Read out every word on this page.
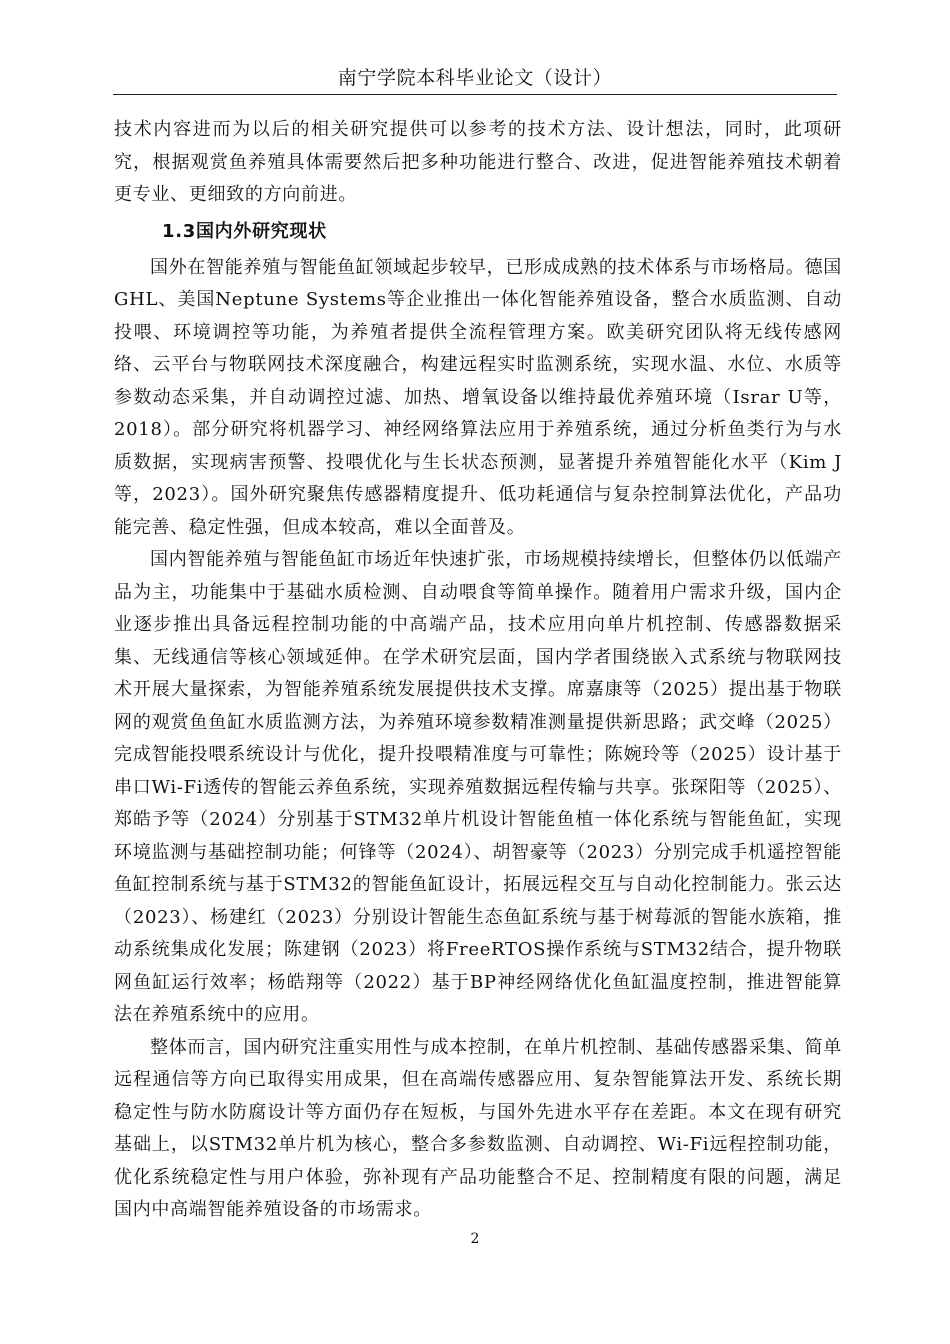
南宁学院本科毕业论文（设计）

技术内容进而为以后的相关研究提供可以参考的技术方法、设计想法，同时，此项研究，根据观赏鱼养殖具体需要然后把多种功能进行整合、改进，促进智能养殖技术朝着更专业、更细致的方向前进。

1.3国内外研究现状

国外在智能养殖与智能鱼缸领域起步较早，已形成成熟的技术体系与市场格局。德国GHL、美国Neptune Systems等企业推出一体化智能养殖设备，整合水质监测、自动投喂、环境调控等功能，为养殖者提供全流程管理方案。欧美研究团队将无线传感网络、云平台与物联网技术深度融合，构建远程实时监测系统，实现水温、水位、水质等参数动态采集，并自动调控过滤、加热、增氧设备以维持最优养殖环境（Israr U等，2018）。部分研究将机器学习、神经网络算法应用于养殖系统，通过分析鱼类行为与水质数据，实现病害预警、投喂优化与生长状态预测，显著提升养殖智能化水平（Kim J等，2023）。国外研究聚焦传感器精度提升、低功耗通信与复杂控制算法优化，产品功能完善、稳定性强，但成本较高，难以全面普及。

国内智能养殖与智能鱼缸市场近年快速扩张，市场规模持续增长，但整体仍以低端产品为主，功能集中于基础水质检测、自动喂食等简单操作。随着用户需求升级，国内企业逐步推出具备远程控制功能的中高端产品，技术应用向单片机控制、传感器数据采集、无线通信等核心领域延伸。在学术研究层面，国内学者围绕嵌入式系统与物联网技术开展大量探索，为智能养殖系统发展提供技术支撑。席嘉康等（2025）提出基于物联网的观赏鱼鱼缸水质监测方法，为养殖环境参数精准测量提供新思路；武交峰（2025）完成智能投喂系统设计与优化，提升投喂精准度与可靠性；陈婉玲等（2025）设计基于串口Wi-Fi透传的智能云养鱼系统，实现养殖数据远程传输与共享。张琛阳等（2025）、郑皓予等（2024）分别基于STM32单片机设计智能鱼植一体化系统与智能鱼缸，实现环境监测与基础控制功能；何锋等（2024）、胡智豪等（2023）分别完成手机遥控智能鱼缸控制系统与基于STM32的智能鱼缸设计，拓展远程交互与自动化控制能力。张云达（2023）、杨建红（2023）分别设计智能生态鱼缸系统与基于树莓派的智能水族箱，推动系统集成化发展；陈建钢（2023）将FreeRTOS操作系统与STM32结合，提升物联网鱼缸运行效率；杨皓翔等（2022）基于BP神经网络优化鱼缸温度控制，推进智能算法在养殖系统中的应用。

整体而言，国内研究注重实用性与成本控制，在单片机控制、基础传感器采集、简单远程通信等方向已取得实用成果，但在高端传感器应用、复杂智能算法开发、系统长期稳定性与防水防腐设计等方面仍存在短板，与国外先进水平存在差距。本文在现有研究基础上，以STM32单片机为核心，整合多参数监测、自动调控、Wi-Fi远程控制功能，优化系统稳定性与用户体验，弥补现有产品功能整合不足、控制精度有限的问题，满足国内中高端智能养殖设备的市场需求。

2
